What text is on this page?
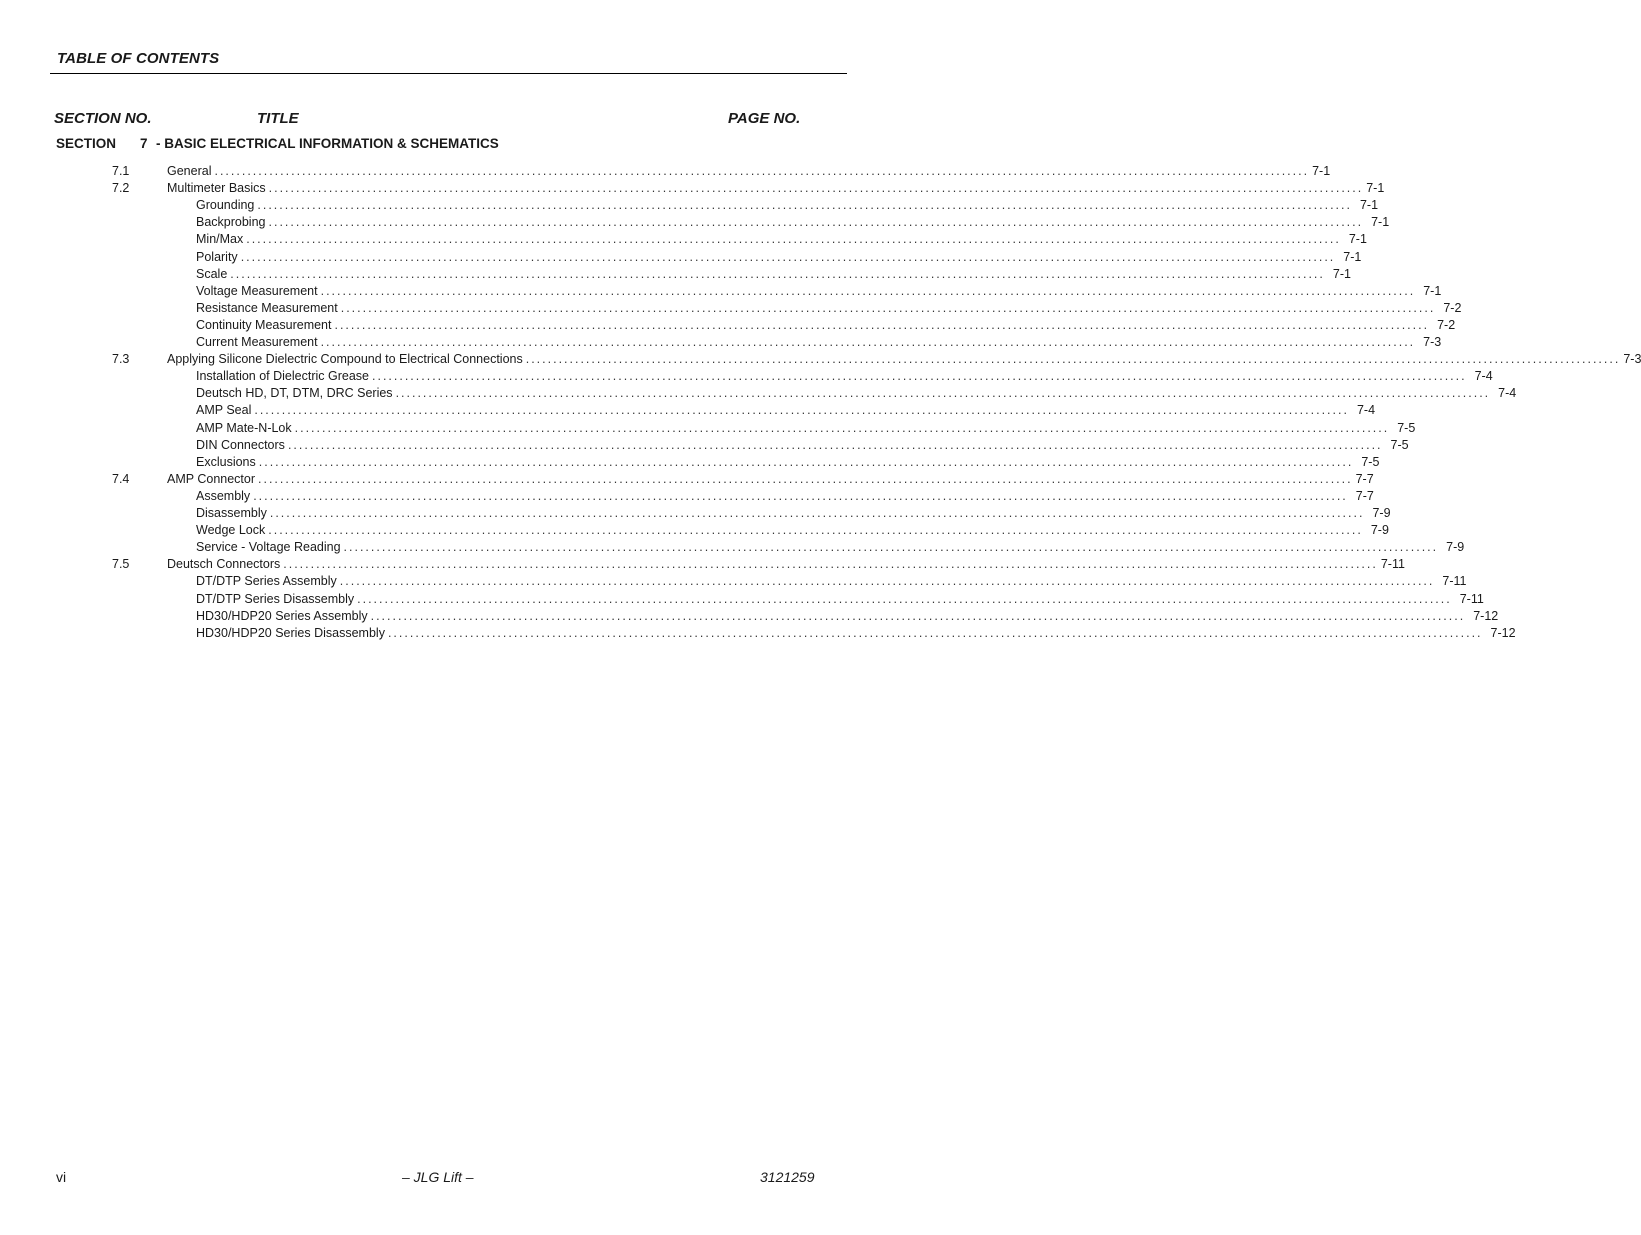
TABLE OF CONTENTS
SECTION NO.	TITLE	PAGE NO.
SECTION 7 - BASIC ELECTRICAL INFORMATION & SCHEMATICS
7.1	General ........................................................................................................................................................................................................ 7-1
7.2	Multimeter Basics ........................................................................................................................................................................................................ 7-1
Grounding ........................................................................................................................................................................................................ 7-1
Backprobing ........................................................................................................................................................................................................ 7-1
Min/Max ........................................................................................................................................................................................................ 7-1
Polarity ........................................................................................................................................................................................................ 7-1
Scale ........................................................................................................................................................................................................ 7-1
Voltage Measurement ........................................................................................................................................................................................................ 7-1
Resistance Measurement ........................................................................................................................................................................................................ 7-2
Continuity Measurement ........................................................................................................................................................................................................ 7-2
Current Measurement ........................................................................................................................................................................................................ 7-3
7.3	Applying Silicone Dielectric Compound to Electrical Connections ........................................................................................................................................................................................................ 7-3
Installation of Dielectric Grease ........................................................................................................................................................................................................ 7-4
Deutsch HD, DT, DTM, DRC Series ........................................................................................................................................................................................................ 7-4
AMP Seal ........................................................................................................................................................................................................ 7-4
AMP Mate-N-Lok ........................................................................................................................................................................................................ 7-5
DIN Connectors ........................................................................................................................................................................................................ 7-5
Exclusions ........................................................................................................................................................................................................ 7-5
7.4	AMP Connector ........................................................................................................................................................................................................ 7-7
Assembly ........................................................................................................................................................................................................ 7-7
Disassembly ........................................................................................................................................................................................................ 7-9
Wedge Lock ........................................................................................................................................................................................................ 7-9
Service - Voltage Reading ........................................................................................................................................................................................................ 7-9
7.5	Deutsch Connectors ........................................................................................................................................................................................................ 7-11
DT/DTP Series Assembly ........................................................................................................................................................................................................ 7-11
DT/DTP Series Disassembly ........................................................................................................................................................................................................ 7-11
HD30/HDP20 Series Assembly ........................................................................................................................................................................................................ 7-12
HD30/HDP20 Series Disassembly ........................................................................................................................................................................................................ 7-12
vi	– JLG Lift –	3121259
